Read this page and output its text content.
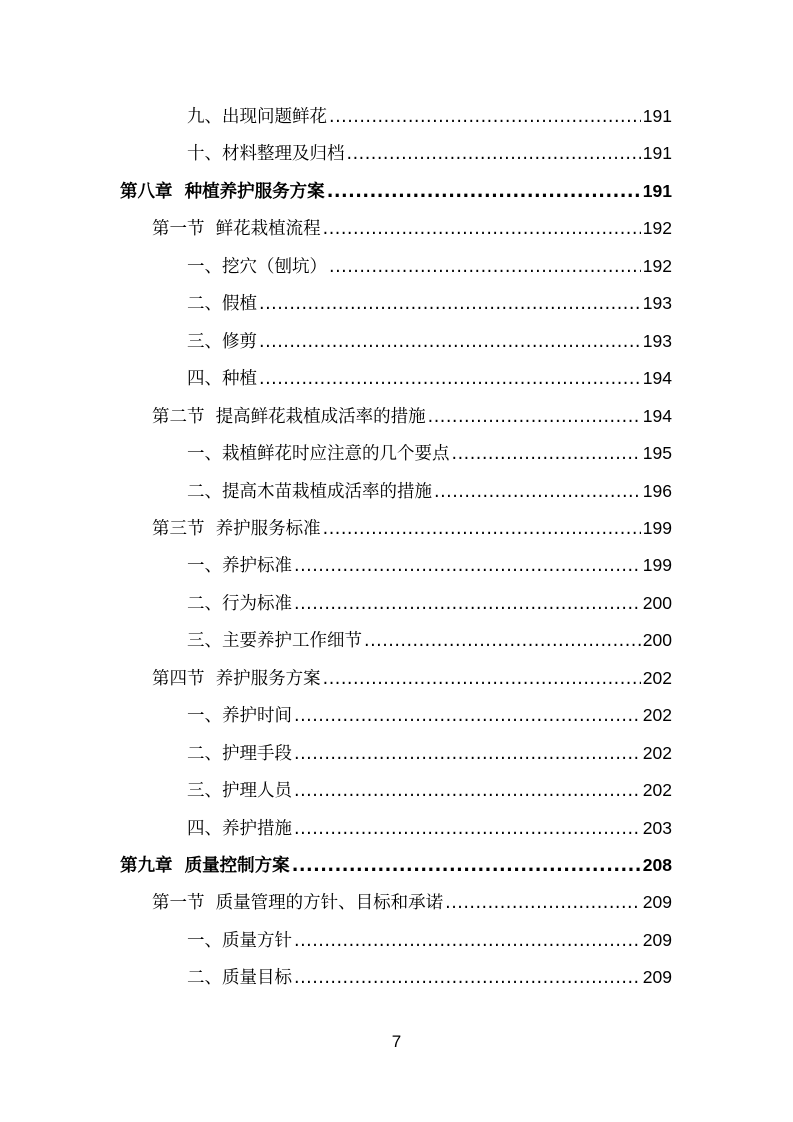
九、出现问题鲜花 .....	191
十、材料整理及归档 .....	191
第八章  种植养护服务方案 .....	191
第一节  鲜花栽植流程 .....	192
一、挖穴（刨坑） .....	192
二、假植 .....	193
三、修剪 .....	193
四、种植 .....	194
第二节  提高鲜花栽植成活率的措施 .....	194
一、栽植鲜花时应注意的几个要点 .....	195
二、提高木苗栽植成活率的措施 .....	196
第三节  养护服务标准 .....	199
一、养护标准 .....	199
二、行为标准 .....	200
三、主要养护工作细节 .....	200
第四节  养护服务方案 .....	202
一、养护时间 .....	202
二、护理手段 .....	202
三、护理人员 .....	202
四、养护措施 .....	203
第九章  质量控制方案 .....	208
第一节  质量管理的方针、目标和承诺 .....	209
一、质量方针 .....	209
二、质量目标 .....	209
7
